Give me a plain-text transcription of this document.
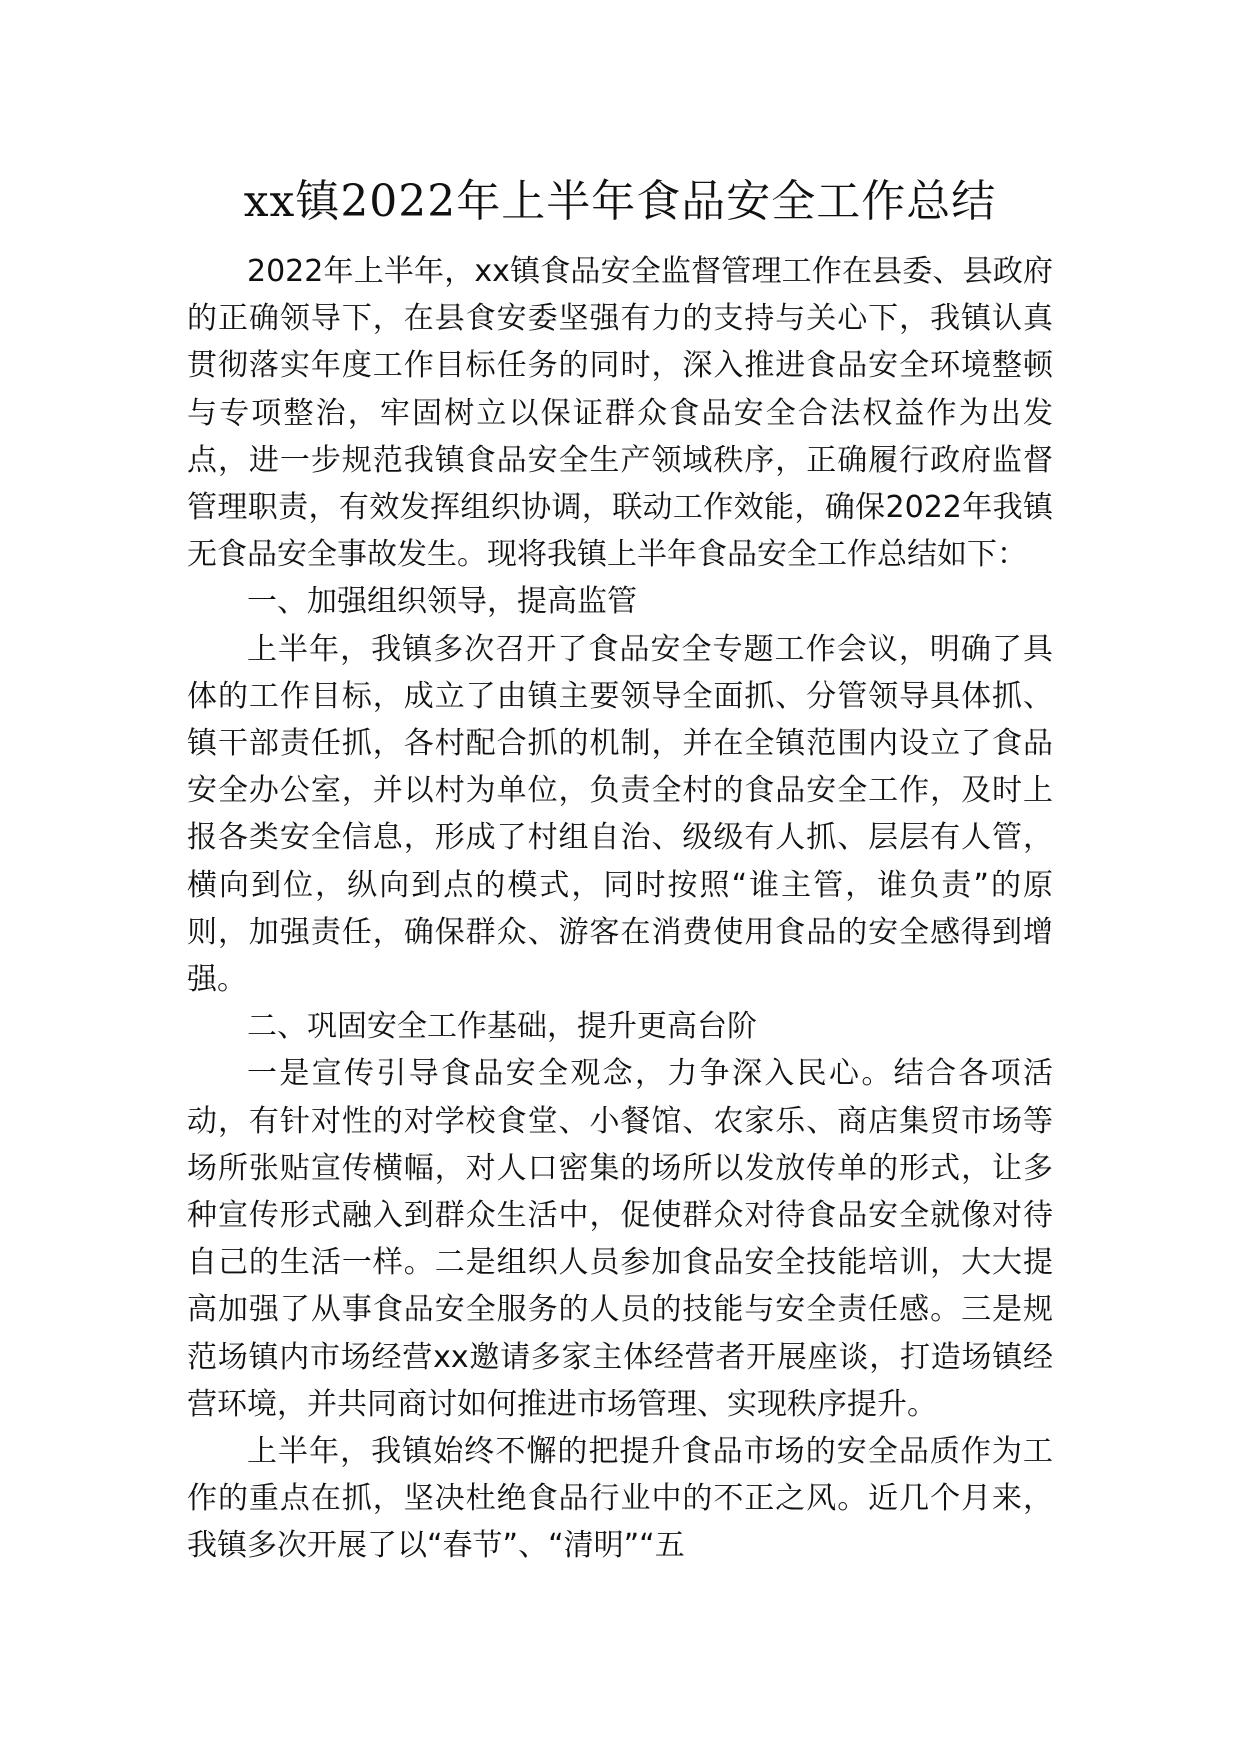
xx镇2022年上半年食品安全工作总结

2022年上半年，xx镇食品安全监督管理工作在县委、县政府的正确领导下，在县食安委坚强有力的支持与关心下，我镇认真贯彻落实年度工作目标任务的同时，深入推进食品安全环境整顿与专项整治，牢固树立以保证群众食品安全合法权益作为出发点，进一步规范我镇食品安全生产领域秩序，正确履行政府监督管理职责，有效发挥组织协调，联动工作效能，确保2022年我镇无食品安全事故发生。现将我镇上半年食品安全工作总结如下：

一、加强组织领导，提高监管

上半年，我镇多次召开了食品安全专题工作会议，明确了具体的工作目标，成立了由镇主要领导全面抓、分管领导具体抓、镇干部责任抓，各村配合抓的机制，并在全镇范围内设立了食品安全办公室，并以村为单位，负责全村的食品安全工作，及时上报各类安全信息，形成了村组自治、级级有人抓、层层有人管，横向到位，纵向到点的模式，同时按照“谁主管，谁负责”的原则，加强责任，确保群众、游客在消费使用食品的安全感得到增强。

二、巩固安全工作基础，提升更高台阶

一是宣传引导食品安全观念，力争深入民心。结合各项活动，有针对性的对学校食堂、小餐馆、农家乐、商店集贸市场等场所张贴宣传横幅，对人口密集的场所以发放传单的形式，让多种宣传形式融入到群众生活中，促使群众对待食品安全就像对待自己的生活一样。二是组织人员参加食品安全技能培训，大大提高加强了从事食品安全服务的人员的技能与安全责任感。三是规范场镇内市场经营xx邀请多家主体经营者开展座谈，打造场镇经营环境，并共同商讨如何推进市场管理、实现秩序提升。

上半年，我镇始终不懈的把提升食品市场的安全品质作为工作的重点在抓，坚决杜绝食品行业中的不正之风。近几个月来，我镇多次开展了以“春节”、“清明”“五
